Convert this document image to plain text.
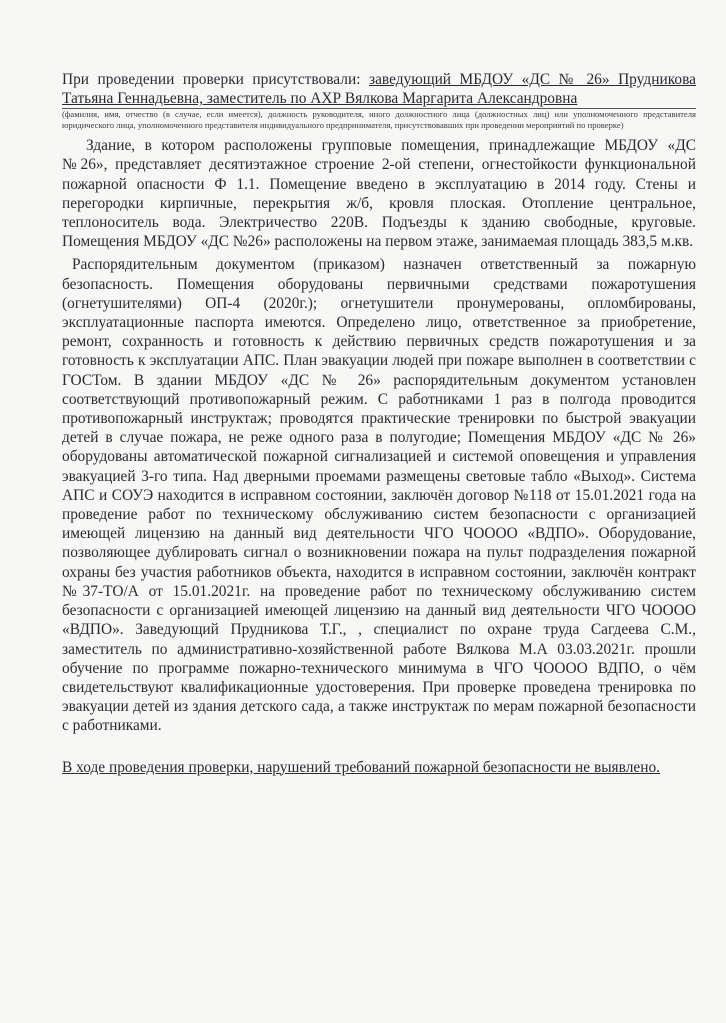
При проведении проверки присутствовали: заведующий МБДОУ «ДС № 26» Прудникова Татьяна Геннадьевна, заместитель по АХР Вялкова Маргарита Александровна

(фамилия, имя, отчество (в случае, если имеется), должность руководителя, иного должностного лица (должностных лиц) или уполномоченного представителя юридического лица, уполномоченного представителя индивидуального предпринимателя, присутствовавших при проведении мероприятий по проверке)

Здание, в котором расположены групповые помещения, принадлежащие МБДОУ «ДС №26», представляет десятиэтажное строение 2-ой степени, огнестойкости функциональной пожарной опасности Ф 1.1. Помещение введено в эксплуатацию в 2014 году. Стены и перегородки кирпичные, перекрытия ж/б, кровля плоская. Отопление центральное, теплоноситель вода. Электричество 220В. Подъезды к зданию свободные, круговые. Помещения МБДОУ «ДС №26» расположены на первом этаже, занимаемая площадь 383,5 м.кв.

Распорядительным документом (приказом) назначен ответственный за пожарную безопасность. Помещения оборудованы первичными средствами пожаротушения (огнетушителями) ОП-4 (2020г.); огнетушители пронумерованы, опломбированы, эксплуатационные паспорта имеются. Определено лицо, ответственное за приобретение, ремонт, сохранность и готовность к действию первичных средств пожаротушения и за готовность к эксплуатации АПС. План эвакуации людей при пожаре выполнен в соответствии с ГОСТом. В здании МБДОУ «ДС № 26» распорядительным документом установлен соответствующий противопожарный режим. С работниками 1 раз в полгода проводится противопожарный инструктаж; проводятся практические тренировки по быстрой эвакуации детей в случае пожара, не реже одного раза в полугодие; Помещения МБДОУ «ДС № 26» оборудованы автоматической пожарной сигнализацией и системой оповещения и управления эвакуацией 3-го типа. Над дверными проемами размещены световые табло «Выход». Система АПС и СОУЭ находится в исправном состоянии, заключён договор №118 от 15.01.2021 года на проведение работ по техническому обслуживанию систем безопасности с организацией имеющей лицензию на данный вид деятельности ЧГО ЧОООО «ВДПО». Оборудование, позволяющее дублировать сигнал о возникновении пожара на пульт подразделения пожарной охраны без участия работников объекта, находится в исправном состоянии, заключён контракт №37-ТО/А от 15.01.2021г. на проведение работ по техническому обслуживанию систем безопасности с организацией имеющей лицензию на данный вид деятельности ЧГО ЧОООО «ВДПО». Заведующий Прудникова Т.Г., , специалист по охране труда Сагдеева С.М., заместитель по административно-хозяйственной работе Вялкова М.А 03.03.2021г. прошли обучение по программе пожарно-технического минимума в ЧГО ЧОООО ВДПО, о чём свидетельствуют квалификационные удостоверения. При проверке проведена тренировка по эвакуации детей из здания детского сада, а также инструктаж по мерам пожарной безопасности с работниками.

В ходе проведения проверки, нарушений требований пожарной безопасности не выявлено.
